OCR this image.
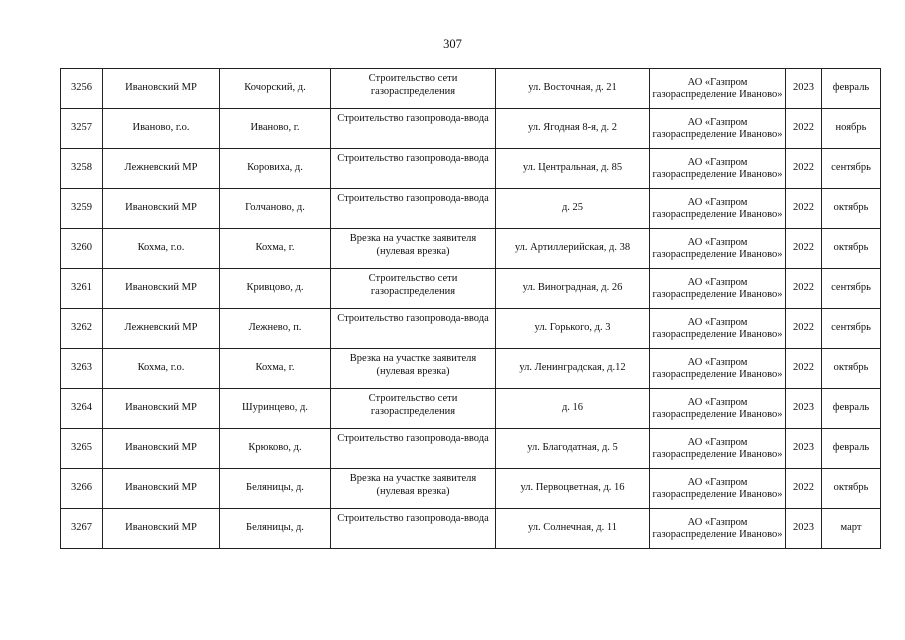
307
3256	Ивановский МР	Кочорский, д.	Строительство сети газораспределения	ул. Восточная, д. 21	АО «Газпром газораспределение Иваново»	2023	февраль
3257	Иваново, г.о.	Иваново, г.	Строительство газопровода-ввода	ул. Ягодная 8-я, д. 2	АО «Газпром газораспределение Иваново»	2022	ноябрь
3258	Лежневский МР	Коровиха, д.	Строительство газопровода-ввода	ул. Центральная, д. 85	АО «Газпром газораспределение Иваново»	2022	сентябрь
3259	Ивановский МР	Голчаново, д.	Строительство газопровода-ввода	д. 25	АО «Газпром газораспределение Иваново»	2022	октябрь
3260	Кохма, г.о.	Кохма, г.	Врезка на участке заявителя (нулевая врезка)	ул. Артиллерийская, д. 38	АО «Газпром газораспределение Иваново»	2022	октябрь
3261	Ивановский МР	Кривцово, д.	Строительство сети газораспределения	ул. Виноградная, д. 26	АО «Газпром газораспределение Иваново»	2022	сентябрь
3262	Лежневский МР	Лежнево, п.	Строительство газопровода-ввода	ул. Горького, д. 3	АО «Газпром газораспределение Иваново»	2022	сентябрь
3263	Кохма, г.о.	Кохма, г.	Врезка на участке заявителя (нулевая врезка)	ул. Ленинградская, д.12	АО «Газпром газораспределение Иваново»	2022	октябрь
3264	Ивановский МР	Шуринцево, д.	Строительство сети газораспределения	д. 16	АО «Газпром газораспределение Иваново»	2023	февраль
3265	Ивановский МР	Крюково, д.	Строительство газопровода-ввода	ул. Благодатная, д. 5	АО «Газпром газораспределение Иваново»	2023	февраль
3266	Ивановский МР	Беляницы, д.	Врезка на участке заявителя (нулевая врезка)	ул. Первоцветная, д. 16	АО «Газпром газораспределение Иваново»	2022	октябрь
3267	Ивановский МР	Беляницы, д.	Строительство газопровода-ввода	ул. Солнечная, д. 11	АО «Газпром газораспределение Иваново»	2023	март
